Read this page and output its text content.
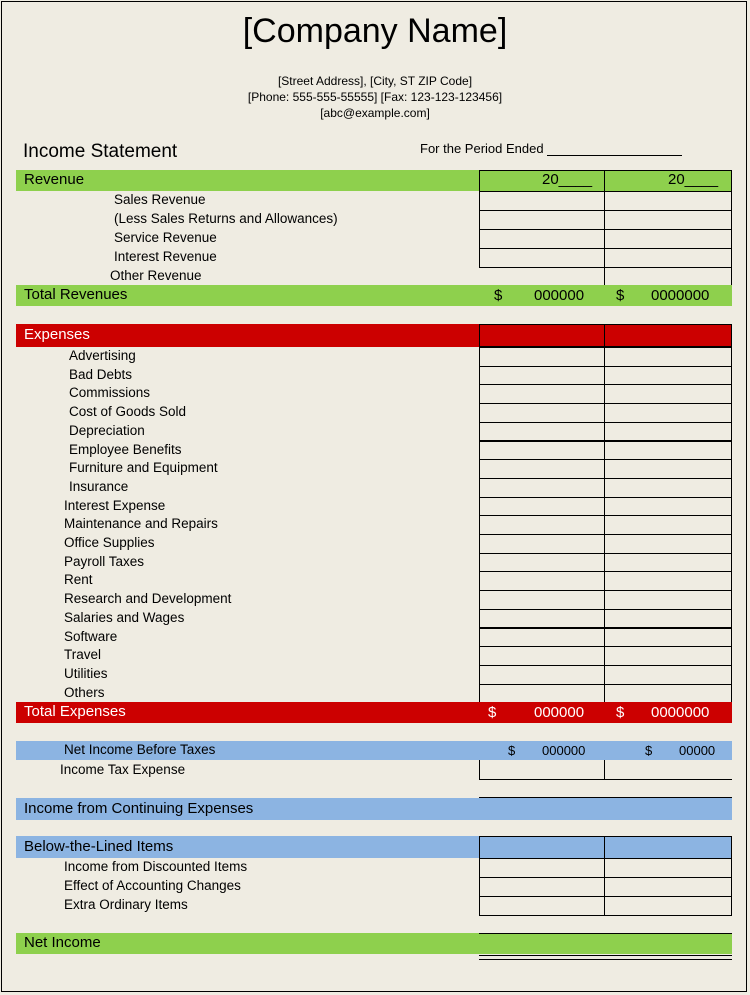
[Company Name]
[Street Address], [City, ST ZIP Code]
[Phone: 555-555-55555] [Fax: 123-123-123456]
[abc@example.com]
Income Statement	For the Period Ended
Revenue	20____	20____
Sales Revenue
(Less Sales Returns and Allowances)
Service Revenue
Interest Revenue
Other Revenue
Total Revenues	$ 000000 $ 0000000
Expenses
Advertising
Bad Debts
Commissions
Cost of Goods Sold
Depreciation
Employee Benefits
Furniture and Equipment
Insurance
Interest Expense
Maintenance and Repairs
Office Supplies
Payroll Taxes
Rent
Research and Development
Salaries and Wages
Software
Travel
Utilities
Others
Total Expenses	$	000000 $ 0000000
Net Income Before Taxes	$ 000000	$ 00000
Income Tax Expense
Income from Continuing Expenses
Below-the-Lined Items
Income from Discounted Items
Effect of Accounting Changes
Extra Ordinary Items
Net Income
